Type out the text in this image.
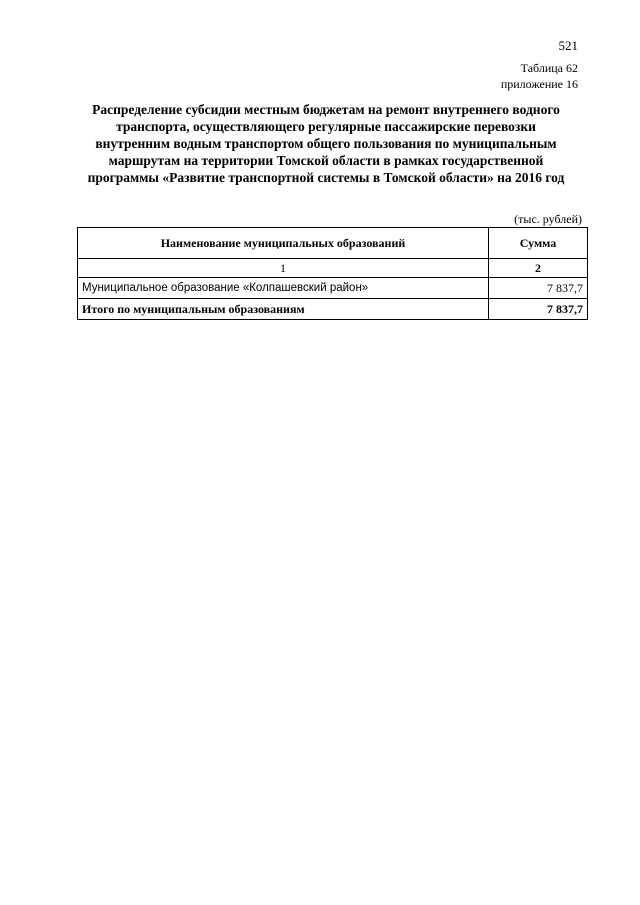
521
Таблица 62
приложение 16
Распределение субсидии местным бюджетам на ремонт внутреннего водного
транспорта, осуществляющего регулярные пассажирские перевозки
внутренним водным транспортом общего пользования по муниципальным
маршрутам на территории Томской области в рамках государственной
программы «Развитие транспортной системы в Томской области» на 2016 год
(тыс. рублей)
Наименование муниципальных образований	Сумма
1	2
Муниципальное образование «Колпашевский район»	7 837,7
Итого по муниципальным образованиям	7 837,7
